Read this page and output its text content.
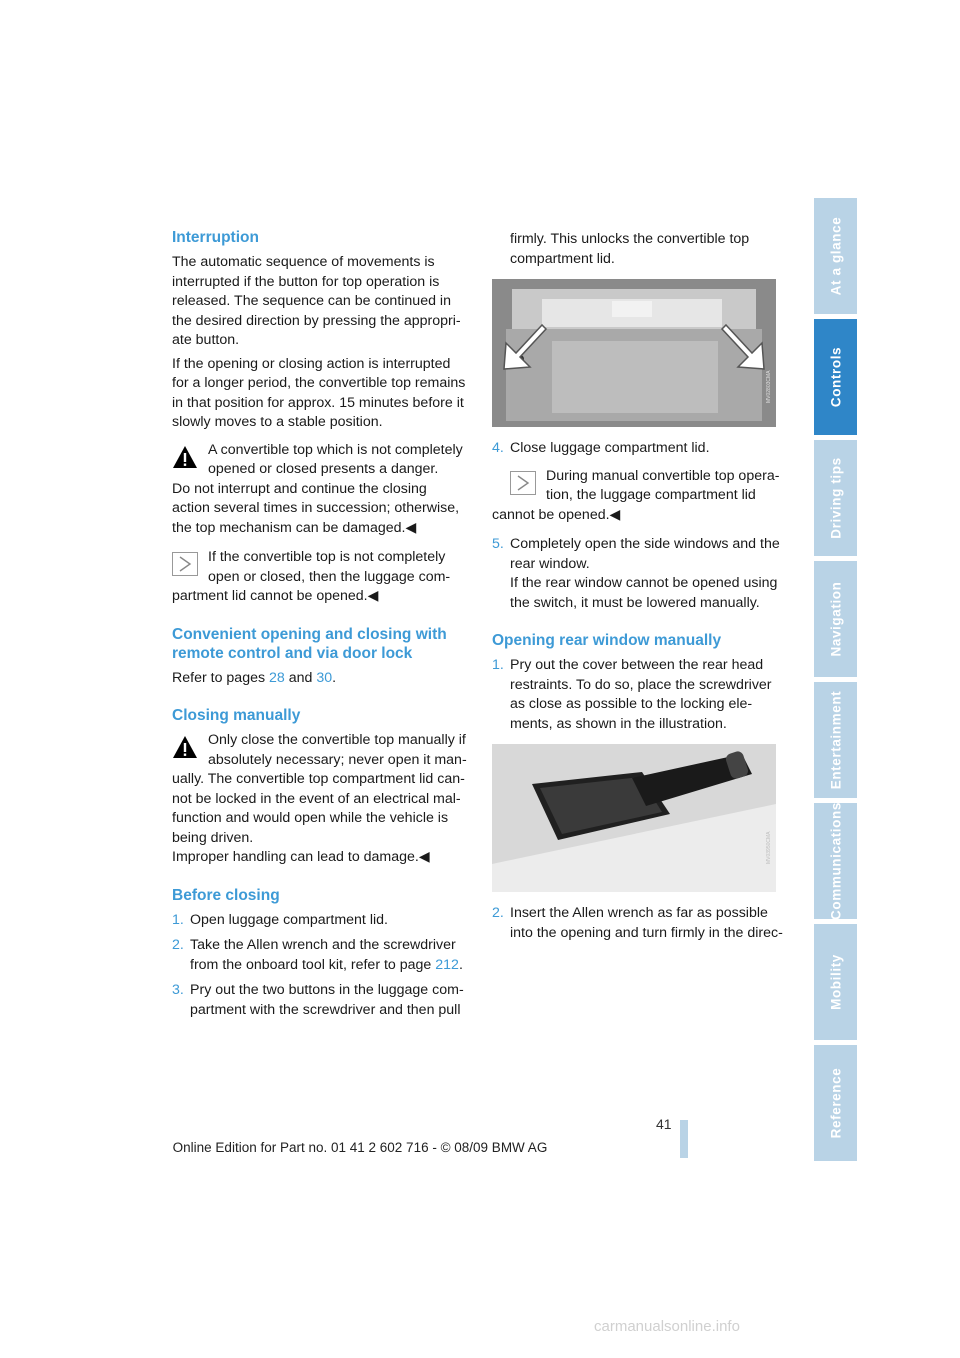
Interruption

The automatic sequence of movements is interrupted if the button for top operation is released. The sequence can be continued in the desired direction by pressing the appropri-ate button.

If the opening or closing action is interrupted for a longer period, the convertible top remains in that position for approx. 15 minutes before it slowly moves to a stable position.

A convertible top which is not completely opened or closed presents a danger.
Do not interrupt and continue the closing action several times in succession; otherwise, the top mechanism can be damaged.◀
If the convertible top is not completely open or closed, then the luggage com-
partment lid cannot be opened.◀
Convenient opening and closing with remote control and via door lock

Refer to pages 28 and 30.

Closing manually
Only close the convertible top manually if absolutely necessary; never open it man-
ually. The convertible top compartment lid can-not be locked in the event of an electrical mal-function and would open while the vehicle is being driven.
Improper handling can lead to damage.◀
Before closing
1. Open luggage compartment lid.
2. Take the Allen wrench and the screwdriver from the onboard tool kit, refer to page 212.
3. Pry out the two buttons in the luggage com-partment with the screwdriver and then pull

firmly. This unlocks the convertible top compartment lid.

MV02803CMA
4. Close luggage compartment lid.
During manual convertible top opera-tion, the luggage compartment lid
cannot be opened.◀
5. Completely open the side windows and the rear window.
If the rear window cannot be opened using the switch, it must be lowered manually.
Opening rear window manually
1. Pry out the cover between the rear head restraints. To do so, place the screwdriver as close as possible to the locking ele-ments, as shown in the illustration.
MV03950CMA
2. Insert the Allen wrench as far as possible into the opening and turn firmly in the direc-
At a glance
Controls
Driving tips
Navigation
Entertainment
Communications
Mobility
Reference
41
Online Edition for Part no. 01 41 2 602 716 - © 08/09 BMW AG
carmanualsonline.info
